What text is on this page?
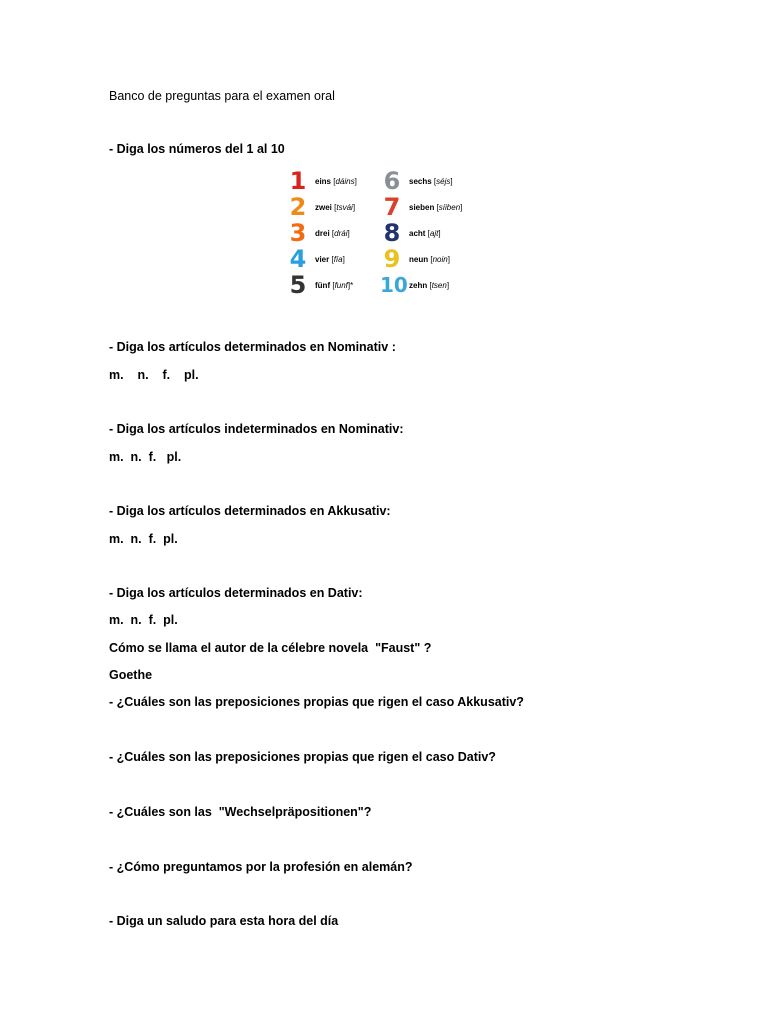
Banco de preguntas para el examen oral
- Diga los números del 1 al 10
1	eins [dáins]
2	zwei [tsvái]
3	drei [drái]
4	vier [fía]
5	fünf [funf]*
6	sechs [séjs]
7	sieben [síiben]
8	acht [ajt]
9	neun [noin]
10 zehn [tsen]
- Diga los artículos determinados en Nominativ :
m.    n.    f.    pl.
- Diga los artículos indeterminados en Nominativ:
m.  n.  f.   pl.
- Diga los artículos determinados en Akkusativ:
m.  n.  f.  pl.
- Diga los artículos determinados en Dativ:
m.  n.  f.  pl.
Cómo se llama el autor de la célebre novela  "Faust" ?
Goethe
- ¿Cuáles son las preposiciones propias que rigen el caso Akkusativ?
- ¿Cuáles son las preposiciones propias que rigen el caso Dativ?
- ¿Cuáles son las  "Wechselpräpositionen"?
- ¿Cómo preguntamos por la profesión en alemán?
- Diga un saludo para esta hora del día
